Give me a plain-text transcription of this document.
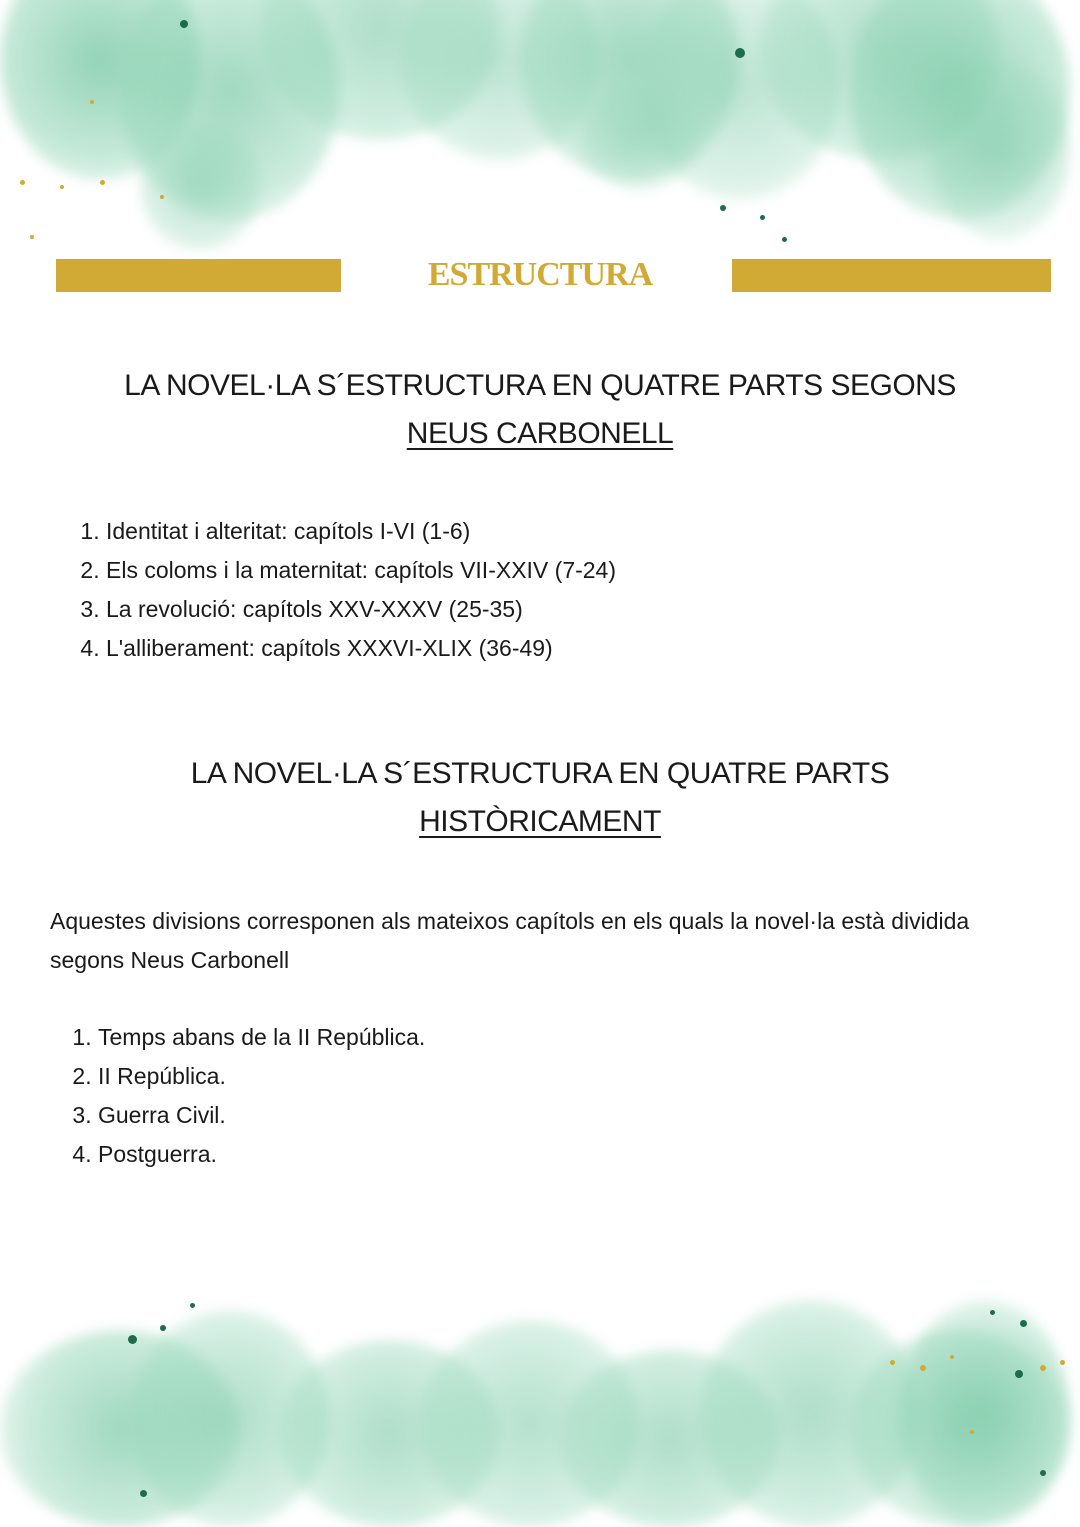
ESTRUCTURA
LA NOVEL·LA S´ESTRUCTURA EN QUATRE PARTS SEGONS
NEUS CARBONELL
1. Identitat i alteritat: capítols I-VI (1-6)
2. Els coloms i la maternitat: capítols VII-XXIV (7-24)
3. La revolució: capítols XXV-XXXV (25-35)
4. L'alliberament: capítols XXXVI-XLIX (36-49)
LA NOVEL·LA S´ESTRUCTURA EN QUATRE PARTS
HISTÒRICAMENT
Aquestes divisions corresponen als mateixos capítols en els quals la novel·la està dividida segons Neus Carbonell
1. Temps abans de la II República.
2. II República.
3. Guerra Civil.
4. Postguerra.
